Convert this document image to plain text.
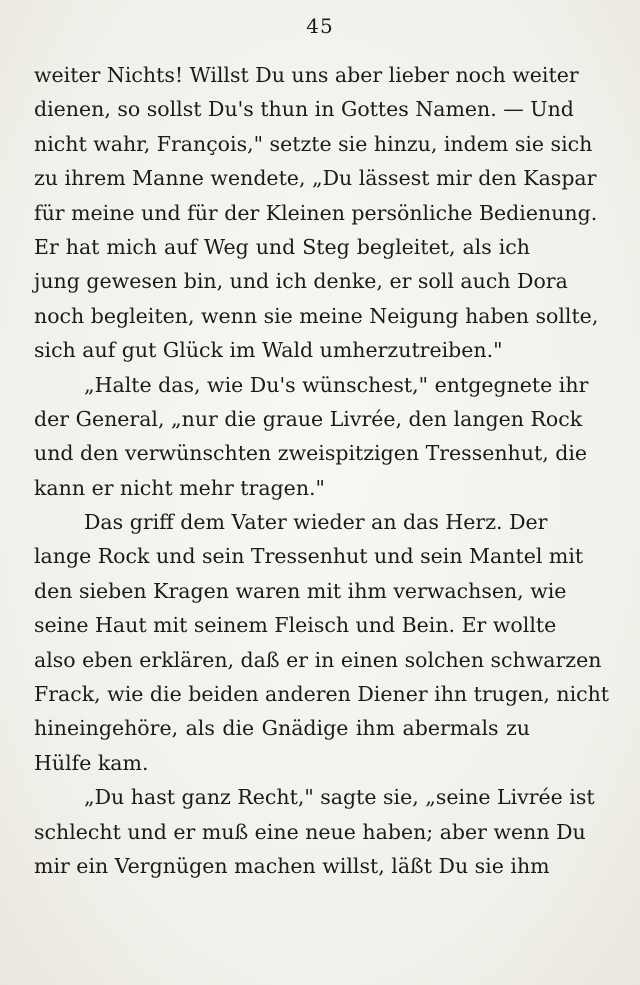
45
weiter Nichts! Willst Du uns aber lieber noch weiter
dienen, so sollst Du's thun in Gottes Namen. — Und
nicht wahr, François," setzte sie hinzu, indem sie sich
zu ihrem Manne wendete, „Du lässest mir den Kaspar
für meine und für der Kleinen persönliche Bedienung.
Er hat mich auf Weg und Steg begleitet, als ich
jung gewesen bin, und ich denke, er soll auch Dora
noch begleiten, wenn sie meine Neigung haben sollte,
sich auf gut Glück im Wald umherzutreiben."
„Halte das, wie Du's wünschest," entgegnete ihr
der General, „nur die graue Livrée, den langen Rock
und den verwünschten zweispitzigen Tressenhut, die
kann er nicht mehr tragen."
Das griff dem Vater wieder an das Herz. Der
lange Rock und sein Tressenhut und sein Mantel mit
den sieben Kragen waren mit ihm verwachsen, wie
seine Haut mit seinem Fleisch und Bein. Er wollte
also eben erklären, daß er in einen solchen schwarzen
Frack, wie die beiden anderen Diener ihn trugen, nicht
hineingehöre, als die Gnädige ihm abermals zu
Hülfe kam.
„Du hast ganz Recht," sagte sie, „seine Livrée ist
schlecht und er muß eine neue haben; aber wenn Du
mir ein Vergnügen machen willst, läßt Du sie ihm
